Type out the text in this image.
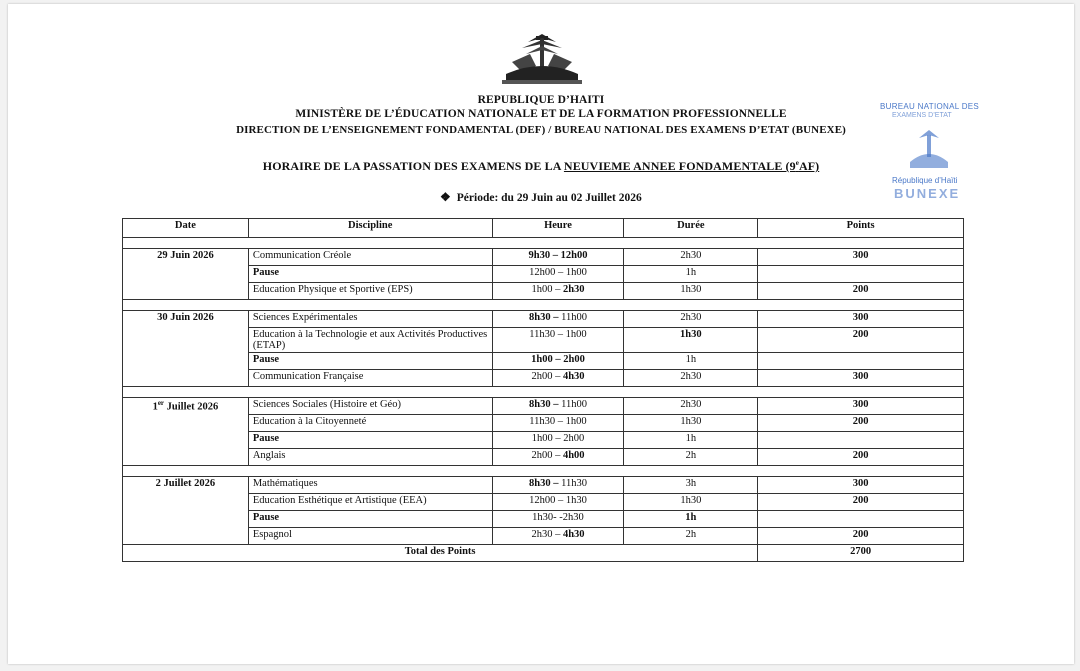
REPUBLIQUE D’HAITI
MINISTÈRE DE L’ÉDUCATION NATIONALE ET DE LA FORMATION PROFESSIONNELLE
DIRECTION DE L’ENSEIGNEMENT FONDAMENTAL (DEF) / BUREAU NATIONAL DES EXAMENS D’ETAT (BUNEXE)
HORAIRE DE LA PASSATION DES EXAMENS DE LA NEUVIEME ANNEE FONDAMENTALE (9eAF)
❖ Période: du 29 Juin au 02 Juillet 2026
BUREAU NATIONAL DES
EXAMENS D’ETAT
République d’Haïti
BUNEXE
Date	Discipline	Heure	Durée	Points

29 Juin 2026	Communication Créole	9h30 – 12h00	2h30	300
	Pause	12h00 – 1h00	1h	
	Education Physique et Sportive (EPS)	1h00 – 2h30	1h30	200

30 Juin 2026	Sciences Expérimentales	8h30 – 11h00	2h30	300
	Education à la Technologie et aux Activités Productives (ETAP)	11h30 – 1h00	1h30	200
	Pause	1h00 – 2h00	1h	
	Communication Française	2h00 – 4h30	2h30	300

1er Juillet 2026	Sciences Sociales (Histoire et Géo)	8h30 – 11h00	2h30	300
	Education à la Citoyenneté	11h30 – 1h00	1h30	200
	Pause	1h00 – 2h00	1h	
	Anglais	2h00 – 4h00	2h	200

2 Juillet 2026	Mathématiques	8h30 – 11h30	3h	300
	Education Esthétique et Artistique (EEA)	12h00 – 1h30	1h30	200
	Pause	1h30- -2h30	1h	
	Espagnol	2h30 – 4h30	2h	200
Total des Points				2700
